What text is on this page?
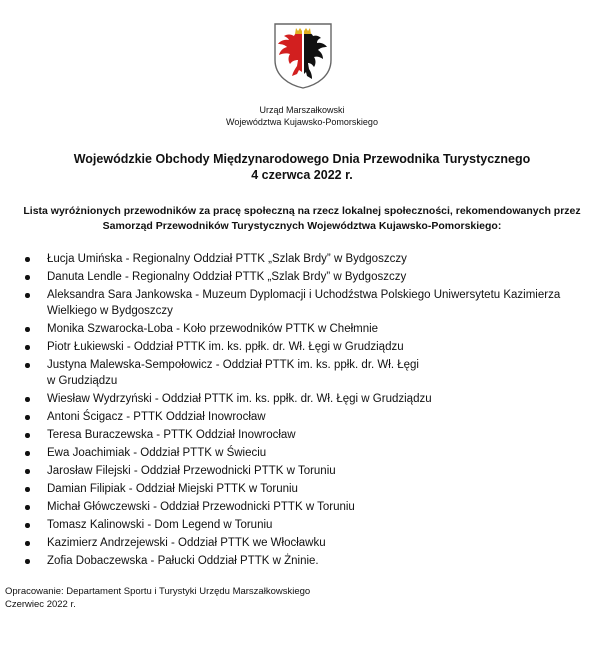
Urząd Marszałkowski
Województwa Kujawsko-Pomorskiego
Wojewódzkie Obchody Międzynarodowego Dnia Przewodnika Turystycznego
4 czerwca 2022 r.
Lista wyróżnionych przewodników za pracę społeczną na rzecz lokalnej społeczności, rekomendowanych przez
Samorząd Przewodników Turystycznych Województwa Kujawsko-Pomorskiego:
Łucja Umińska - Regionalny Oddział PTTK „Szlak Brdy” w Bydgoszczy
Danuta Lendle - Regionalny Oddział PTTK „Szlak Brdy” w Bydgoszczy
Aleksandra Sara Jankowska - Muzeum Dyplomacji i Uchodźstwa Polskiego Uniwersytetu Kazimierza
Wielkiego w Bydgoszczy
Monika Szwarocka-Loba - Koło przewodników PTTK w Chełmnie
Piotr Łukiewski - Oddział PTTK im. ks. ppłk. dr. Wł. Łęgi w Grudziądzu
Justyna Malewska-Sempołowicz - Oddział PTTK im. ks. ppłk. dr. Wł. Łęgi
w Grudziądzu
Wiesław Wydrzyński - Oddział PTTK im. ks. ppłk. dr. Wł. Łęgi w Grudziądzu
Antoni Ścigacz - PTTK Oddział Inowrocław
Teresa Buraczewska - PTTK Oddział Inowrocław
Ewa Joachimiak - Oddział PTTK w Świeciu
Jarosław Filejski - Oddział Przewodnicki PTTK w Toruniu
Damian Filipiak - Oddział Miejski PTTK w Toruniu
Michał Główczewski - Oddział Przewodnicki PTTK w Toruniu
Tomasz Kalinowski - Dom Legend w Toruniu
Kazimierz Andrzejewski - Oddział PTTK we Włocławku
Zofia Dobaczewska - Pałucki Oddział PTTK w Żninie.
Opracowanie: Departament Sportu i Turystyki Urzędu Marszałkowskiego
Czerwiec 2022 r.
